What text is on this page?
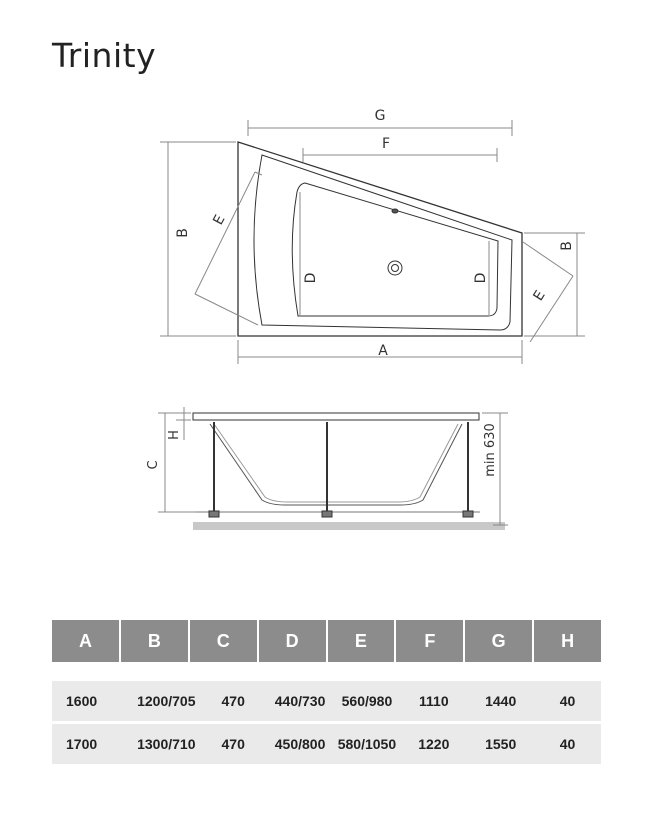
Trinity
G
F
A
B
B
E
E
D	D
H
C	min 630
A	B	C	D	E	F	G	H
1600	1200/705	470	440/730	560/980	1110	1440	40
1700	1300/710	470	450/800 580/1050	1220	1550	40
